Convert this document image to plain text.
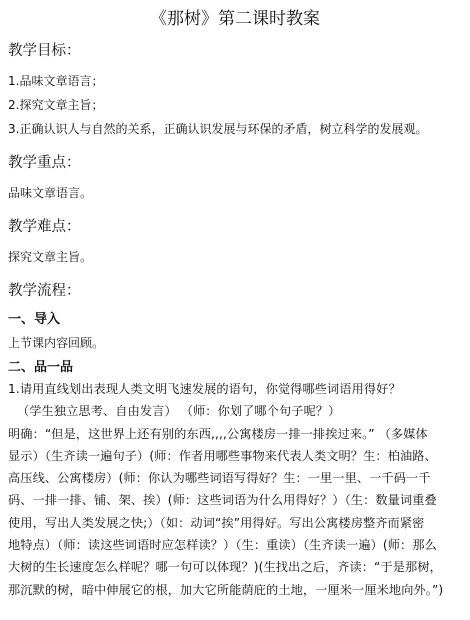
《那树》第二课时教案

教学目标：

1.品味文章语言；

2.探究文章主旨；

3.正确认识人与自然的关系，正确认识发展与环保的矛盾，树立科学的发展观。

教学重点：

品味文章语言。

教学难点：

探究文章主旨。

教学流程：

一、导入

上节课内容回顾。

二、品一品

1.请用直线划出表现人类文明飞速发展的语句，你觉得哪些词语用得好？
（学生独立思考、自由发言） （师：你划了哪个句子呢？）
明确：“但是，这世界上还有别的东西,,,,公寓楼房一排一排挨过来。” （多媒体
显示）（生齐读一遍句子）(师：作者用哪些事物来代表人类文明？生：柏油路、
高压线、公寓楼房）(师：你认为哪些词语写得好？生：一里一里、一千码一千
码、一排一排、铺、架、挨）(师：这些词语为什么用得好？）（生：数量词重叠
使用，写出人类发展之快;）（如：动词“挨”用得好。写出公寓楼房整齐而紧密
地特点）（师：读这些词语时应怎样读？）（生：重读）（生齐读一遍）(师：那么
大树的生长速度怎么样呢？哪一句可以体现？)(生找出之后，齐读：“于是那树，
那沉默的树，暗中伸展它的根，加大它所能荫庇的土地，一厘米一厘米地向外。”)
